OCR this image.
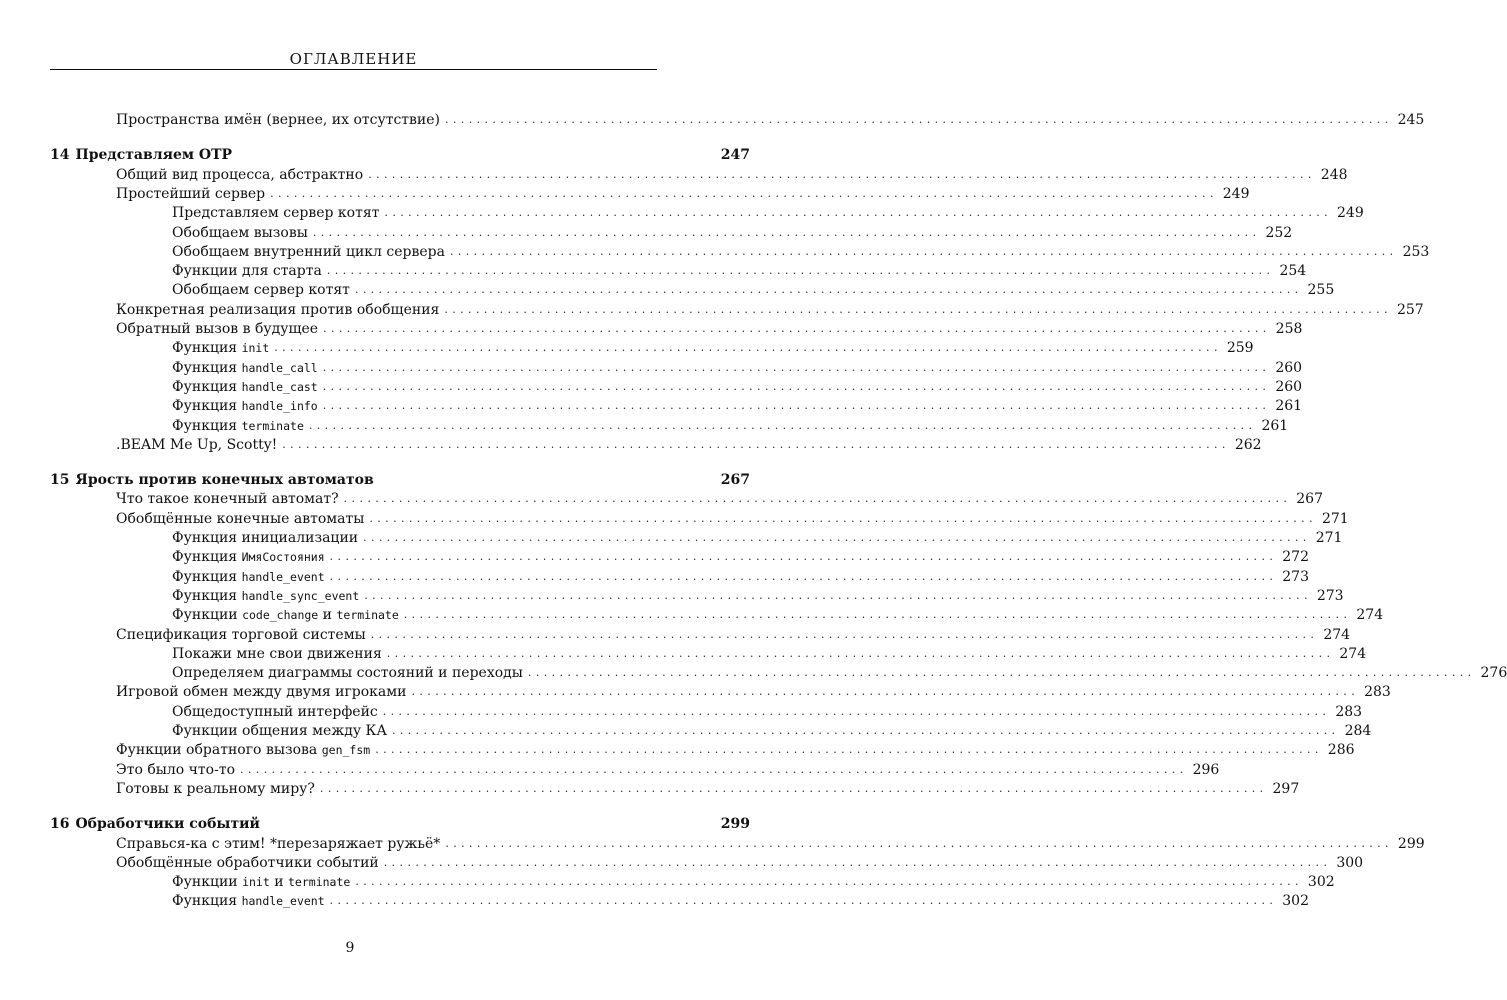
ОГЛАВЛЕНИЕ
Пространства имён (вернее, их отсутствие) ........................................................................................................................ 245
14 Представляем OTP	247
Общий вид процесса, абстрактно ........................................................................................................................ 248
Простейший сервер ........................................................................................................................ 249
Представляем сервер котят ........................................................................................................................ 249
Обобщаем вызовы ........................................................................................................................ 252
Обобщаем внутренний цикл сервера ........................................................................................................................ 253
Функции для старта ........................................................................................................................ 254
Обобщаем сервер котят ........................................................................................................................ 255
Конкретная реализация против обобщения ........................................................................................................................ 257
Обратный вызов в будущее ........................................................................................................................ 258
Функция init ........................................................................................................................ 259
Функция handle_call ........................................................................................................................ 260
Функция handle_cast ........................................................................................................................ 260
Функция handle_info ........................................................................................................................ 261
Функция terminate ........................................................................................................................ 261
.BEAM Me Up, Scotty! ........................................................................................................................ 262
15 Ярость против конечных автоматов	267
Что такое конечный автомат? ........................................................................................................................ 267
Обобщённые конечные автоматы ........................................................................................................................ 271
Функция инициализации ........................................................................................................................ 271
Функция ИмяСостояния ........................................................................................................................ 272
Функция handle_event ........................................................................................................................ 273
Функция handle_sync_event ........................................................................................................................ 273
Функции code_change и terminate ........................................................................................................................ 274
Спецификация торговой системы ........................................................................................................................ 274
Покажи мне свои движения ........................................................................................................................ 274
Определяем диаграммы состояний и переходы ........................................................................................................................ 276
Игровой обмен между двумя игроками ........................................................................................................................ 283
Общедоступный интерфейс ........................................................................................................................ 283
Функции общения между КА ........................................................................................................................ 284
Функции обратного вызова gen_fsm ........................................................................................................................ 286
Это было что-то ........................................................................................................................ 296
Готовы к реальному миру? ........................................................................................................................ 297
16 Обработчики событий	299
Справься-ка с этим! *перезаряжает ружьё* ........................................................................................................................ 299
Обобщённые обработчики событий ........................................................................................................................ 300
Функции init и terminate ........................................................................................................................ 302
Функция handle_event ........................................................................................................................ 302
9
